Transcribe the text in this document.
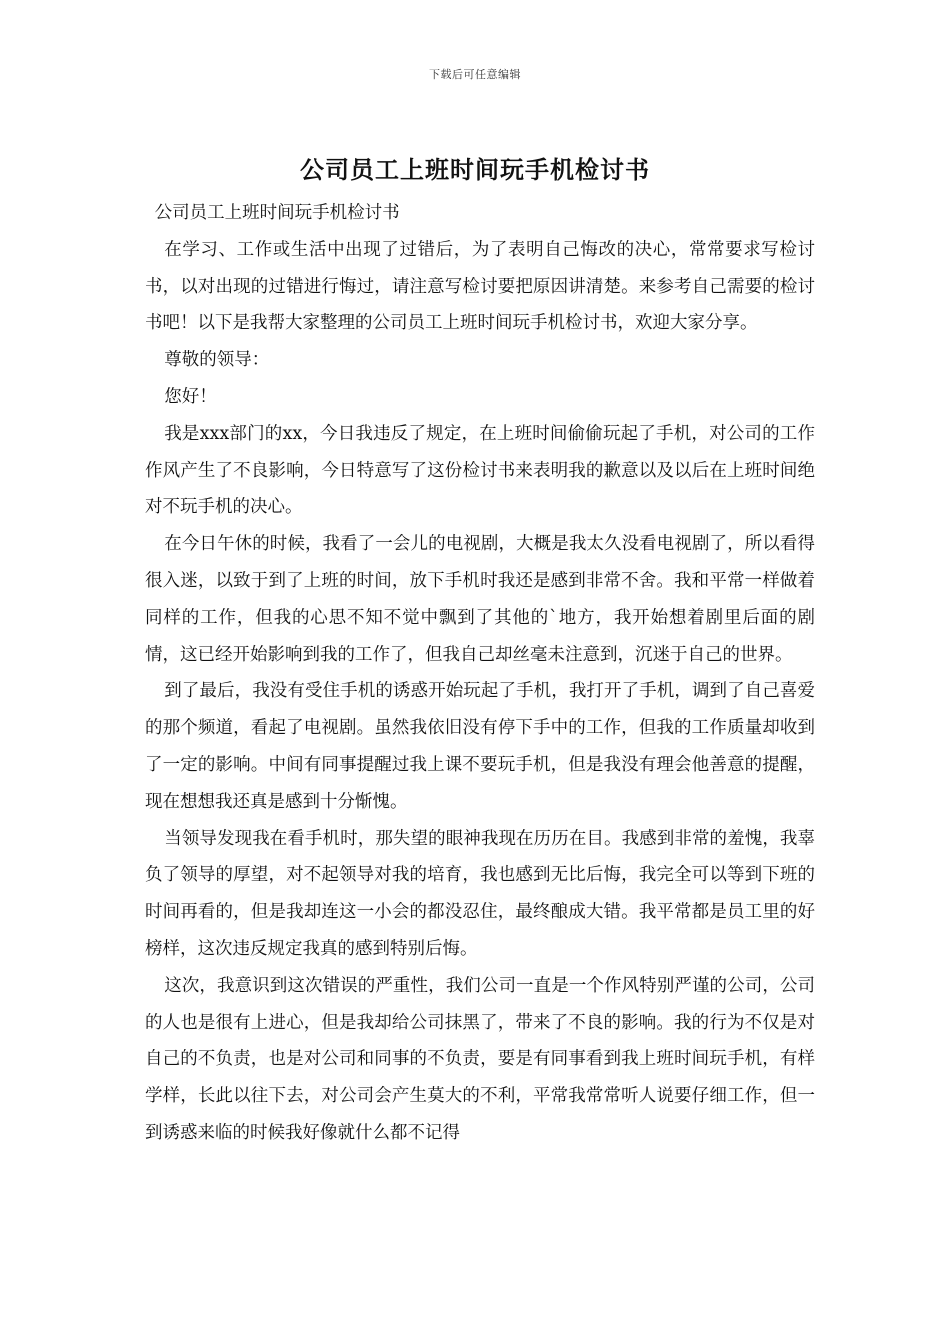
下载后可任意编辑
公司员工上班时间玩手机检讨书

公司员工上班时间玩手机检讨书

在学习、工作或生活中出现了过错后，为了表明自己悔改的决心，常常要求写检讨书，以对出现的过错进行悔过，请注意写检讨要把原因讲清楚。来参考自己需要的检讨书吧！以下是我帮大家整理的公司员工上班时间玩手机检讨书，欢迎大家分享。

尊敬的领导：

您好！

我是xxx部门的xx，今日我违反了规定，在上班时间偷偷玩起了手机，对公司的工作作风产生了不良影响，今日特意写了这份检讨书来表明我的歉意以及以后在上班时间绝对不玩手机的决心。

在今日午休的时候，我看了一会儿的电视剧，大概是我太久没看电视剧了，所以看得很入迷，以致于到了上班的时间，放下手机时我还是感到非常不舍。我和平常一样做着同样的工作，但我的心思不知不觉中飘到了其他的`地方，我开始想着剧里后面的剧情，这已经开始影响到我的工作了，但我自己却丝毫未注意到，沉迷于自己的世界。

到了最后，我没有受住手机的诱惑开始玩起了手机，我打开了手机，调到了自己喜爱的那个频道，看起了电视剧。虽然我依旧没有停下手中的工作，但我的工作质量却收到了一定的影响。中间有同事提醒过我上课不要玩手机，但是我没有理会他善意的提醒，现在想想我还真是感到十分惭愧。

当领导发现我在看手机时，那失望的眼神我现在历历在目。我感到非常的羞愧，我辜负了领导的厚望，对不起领导对我的培育，我也感到无比后悔，我完全可以等到下班的时间再看的，但是我却连这一小会的都没忍住，最终酿成大错。我平常都是员工里的好榜样，这次违反规定我真的感到特别后悔。

这次，我意识到这次错误的严重性，我们公司一直是一个作风特别严谨的公司，公司的人也是很有上进心，但是我却给公司抹黑了，带来了不良的影响。我的行为不仅是对自己的不负责，也是对公司和同事的不负责，要是有同事看到我上班时间玩手机，有样学样，长此以往下去，对公司会产生莫大的不利，平常我常常听人说要仔细工作，但一到诱惑来临的时候我好像就什么都不记得
